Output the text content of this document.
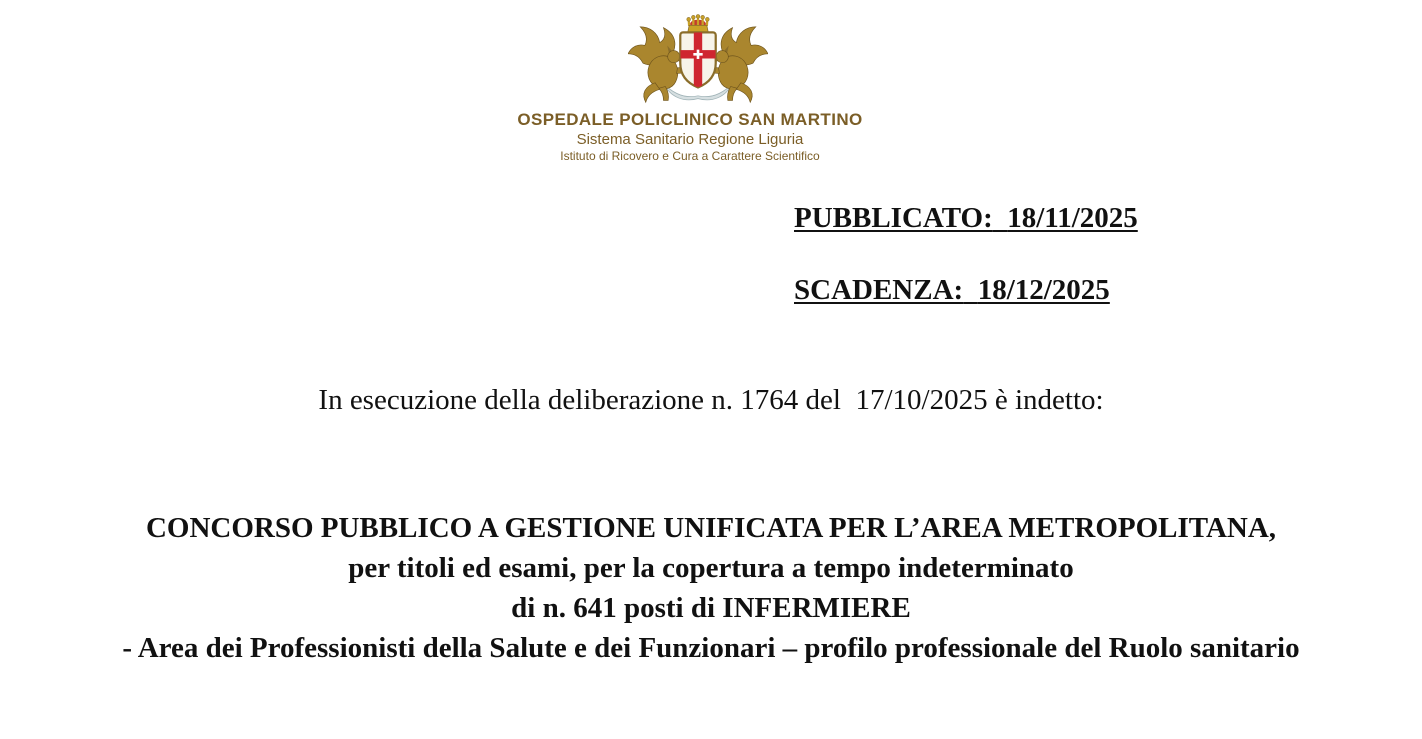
OSPEDALE POLICLINICO SAN MARTINO
Sistema Sanitario Regione Liguria
Istituto di Ricovero e Cura a Carattere Scientifico
PUBBLICATO: 18/11/2025
SCADENZA: 18/12/2025

In esecuzione della deliberazione n. 1764 del  17/10/2025 è indetto:

CONCORSO PUBBLICO A GESTIONE UNIFICATA PER L’AREA METROPOLITANA,
per titoli ed esami, per la copertura a tempo indeterminato
di n. 641 posti di INFERMIERE
- Area dei Professionisti della Salute e dei Funzionari – profilo professionale del Ruolo sanitario
